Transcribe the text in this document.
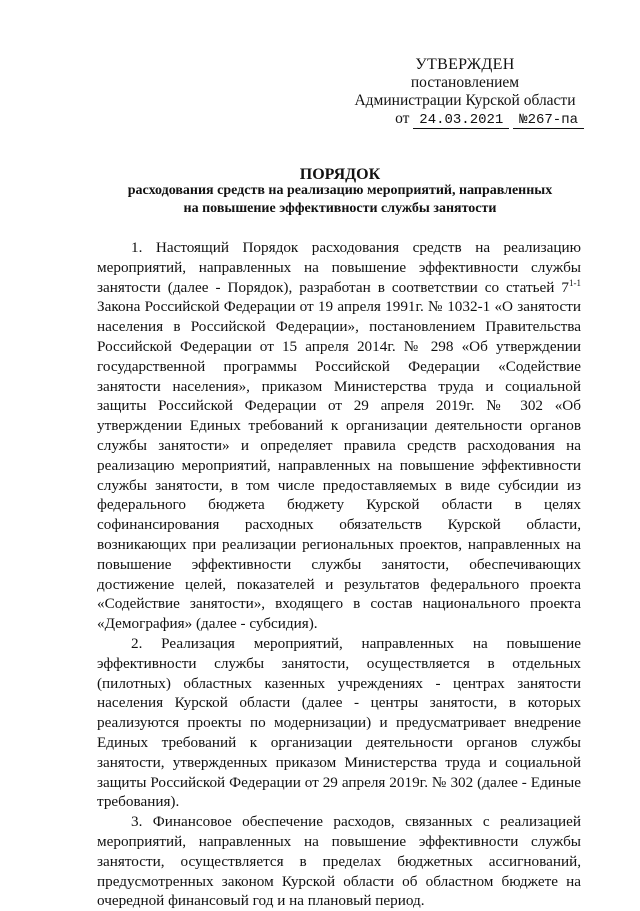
УТВЕРЖДЕН
постановлением
Администрации Курской области
от 24.03.2021 №267-па
ПОРЯДОК
расходования средств на реализацию мероприятий, направленных
на повышение эффективности службы занятости

1. Настоящий Порядок расходования средств на реализацию мероприятий, направленных на повышение эффективности службы занятости (далее - Порядок), разработан в соответствии со статьей 7$^{1-1}$ Закона Российской Федерации от 19 апреля 1991г. № 1032-1 «О занятости населения в Российской Федерации», постановлением Правительства Российской Федерации от 15 апреля 2014г. № 298 «Об утверждении государственной программы Российской Федерации «Содействие занятости населения», приказом Министерства труда и социальной защиты Российской Федерации от 29 апреля 2019г. № 302 «Об утверждении Единых требований к организации деятельности органов службы занятости» и определяет правила средств расходования на реализацию мероприятий, направленных на повышение эффективности службы занятости, в том числе предоставляемых в виде субсидии из федерального бюджета бюджету Курской области в целях софинансирования расходных обязательств Курской области, возникающих при реализации региональных проектов, направленных на повышение эффективности службы занятости, обеспечивающих достижение целей, показателей и результатов федерального проекта «Содействие занятости», входящего в состав национального проекта «Демография» (далее - субсидия).

2. Реализация мероприятий, направленных на повышение эффективности службы занятости, осуществляется в отдельных (пилотных) областных казенных учреждениях - центрах занятости населения Курской области (далее - центры занятости, в которых реализуются проекты по модернизации) и предусматривает внедрение Единых требований к организации деятельности органов службы занятости, утвержденных приказом Министерства труда и социальной защиты Российской Федерации от 29 апреля 2019г. № 302 (далее - Единые требования).

3. Финансовое обеспечение расходов, связанных с реализацией мероприятий, направленных на повышение эффективности службы занятости, осуществляется в пределах бюджетных ассигнований, предусмотренных законом Курской области об областном бюджете на очередной финансовый год и на плановый период.
